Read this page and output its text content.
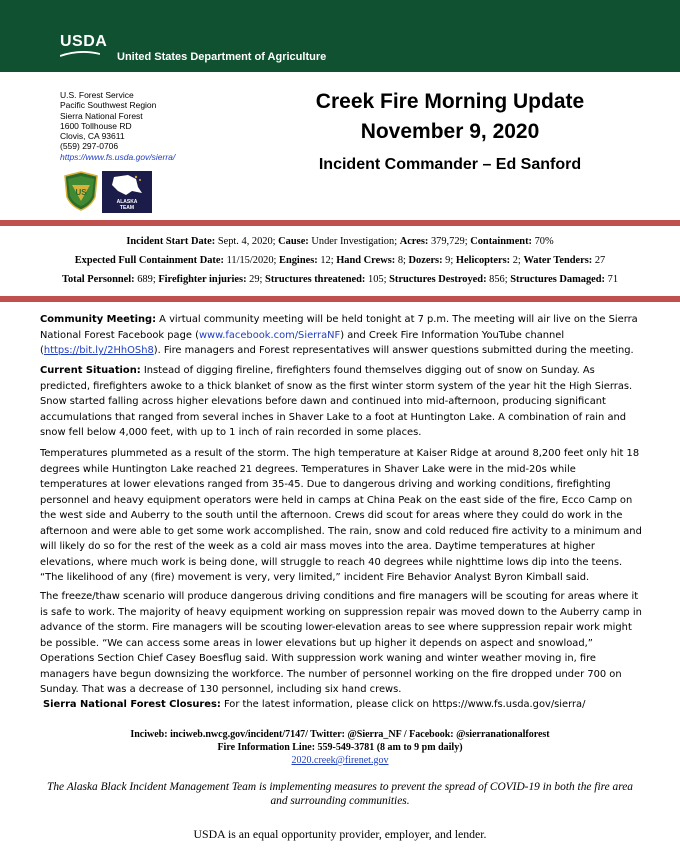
USDA
United States Department of Agriculture
U.S. Forest Service
Pacific Southwest Region
Sierra National Forest
1600 Tollhouse RD
Clovis, CA 93611
(559) 297-0706
https://www.fs.usda.gov/sierra/
US
ALASKA
TEAM
Creek Fire Morning Update
November 9, 2020
Incident Commander – Ed Sanford
Incident Start Date: Sept. 4, 2020; Cause: Under Investigation; Acres: 379,729; Containment: 70%
Expected Full Containment Date: 11/15/2020; Engines: 12; Hand Crews: 8; Dozers: 9; Helicopters: 2; Water Tenders: 27
Total Personnel: 689; Firefighter injuries: 29; Structures threatened: 105; Structures Destroyed: 856; Structures Damaged: 71

Community Meeting: A virtual community meeting will be held tonight at 7 p.m. The meeting will air live on the Sierra National Forest Facebook page (www.facebook.com/SierraNF) and Creek Fire Information YouTube channel (https://bit.ly/2HhOSh8). Fire managers and Forest representatives will answer questions submitted during the meeting.

Current Situation: Instead of digging fireline, firefighters found themselves digging out of snow on Sunday. As predicted, firefighters awoke to a thick blanket of snow as the first winter storm system of the year hit the High Sierras. Snow started falling across higher elevations before dawn and continued into mid-afternoon, producing significant accumulations that ranged from several inches in Shaver Lake to a foot at Huntington Lake. A combination of rain and snow fell below 4,000 feet, with up to 1 inch of rain recorded in some places.

Temperatures plummeted as a result of the storm. The high temperature at Kaiser Ridge at around 8,200 feet only hit 18 degrees while Huntington Lake reached 21 degrees. Temperatures in Shaver Lake were in the mid-20s while temperatures at lower elevations ranged from 35-45. Due to dangerous driving and working conditions, firefighting personnel and heavy equipment operators were held in camps at China Peak on the east side of the fire, Ecco Camp on the west side and Auberry to the south until the afternoon. Crews did scout for areas where they could do work in the afternoon and were able to get some work accomplished. The rain, snow and cold reduced fire activity to a minimum and will likely do so for the rest of the week as a cold air mass moves into the area. Daytime temperatures at higher elevations, where much work is being done, will struggle to reach 40 degrees while nighttime lows dip into the teens. “The likelihood of any (fire) movement is very, very limited,” incident Fire Behavior Analyst Byron Kimball said.

The freeze/thaw scenario will produce dangerous driving conditions and fire managers will be scouting for areas where it is safe to work. The majority of heavy equipment working on suppression repair was moved down to the Auberry camp in advance of the storm. Fire managers will be scouting lower-elevation areas to see where suppression repair work might be possible. “We can access some areas in lower elevations but up higher it depends on aspect and snowload,” Operations Section Chief Casey Boesflug said. With suppression work waning and winter weather moving in, fire managers have begun downsizing the workforce. The number of personnel working on the fire dropped under 700 on Sunday. That was a decrease of 130 personnel, including six hand crews.

Sierra National Forest Closures: For the latest information, please click on https://www.fs.usda.gov/sierra/

Inciweb: inciweb.nwcg.gov/incident/7147/ Twitter: @Sierra_NF / Facebook: @sierranationalforest
Fire Information Line: 559-549-3781 (8 am to 9 pm daily)
2020.creek@firenet.gov
The Alaska Black Incident Management Team is implementing measures to prevent the spread of COVID-19 in both the fire area and surrounding communities.
USDA is an equal opportunity provider, employer, and lender.
